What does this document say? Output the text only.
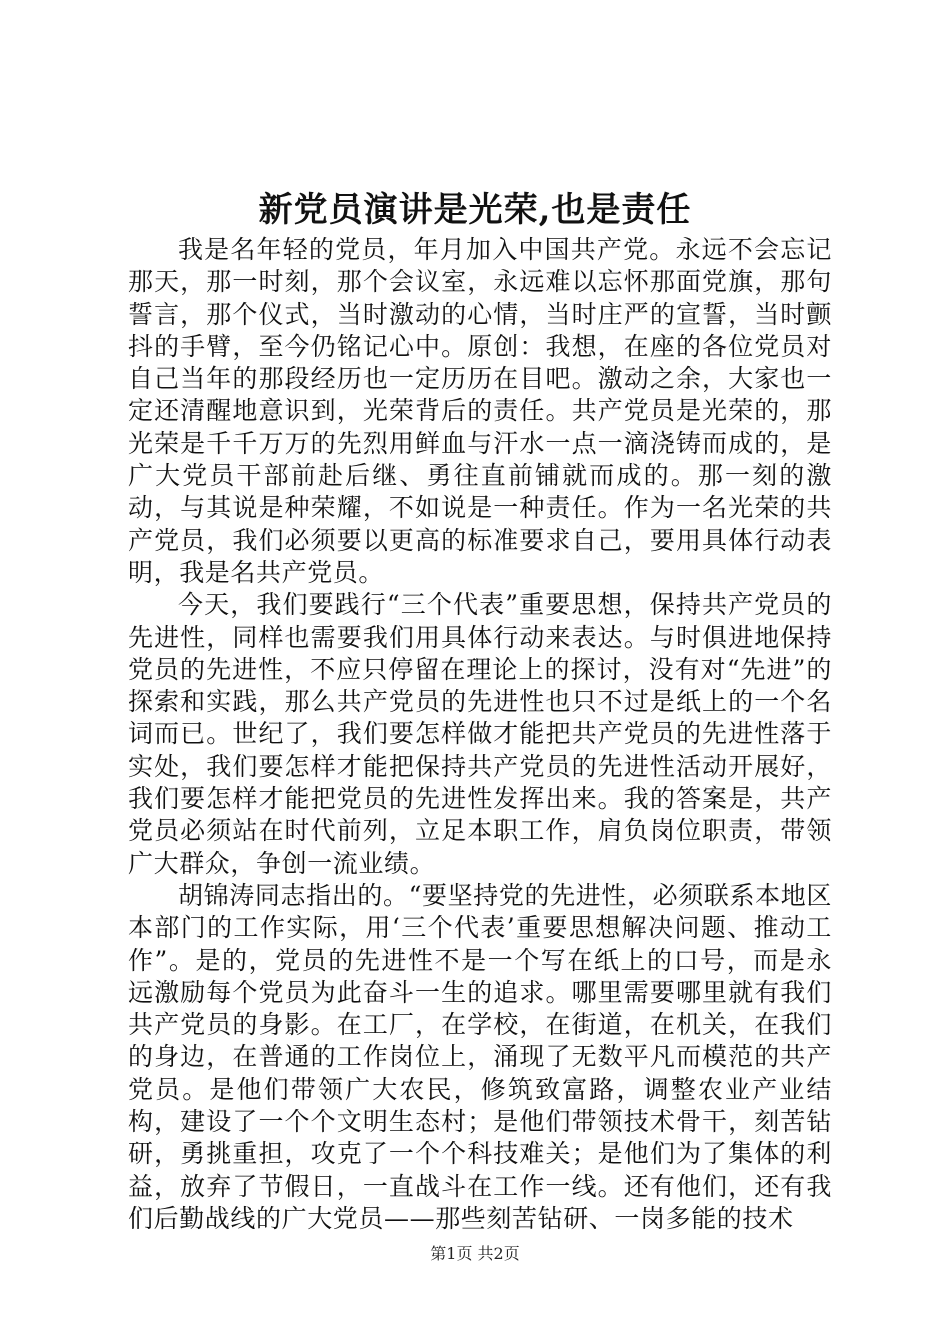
新党员演讲是光荣,也是责任

我是名年轻的党员，年月加入中国共产党。永远不会忘记那天，那一时刻，那个会议室，永远难以忘怀那面党旗，那句誓言，那个仪式，当时激动的心情，当时庄严的宣誓，当时颤抖的手臂，至今仍铭记心中。原创：我想，在座的各位党员对自己当年的那段经历也一定历历在目吧。激动之余，大家也一定还清醒地意识到，光荣背后的责任。共产党员是光荣的，那光荣是千千万万的先烈用鲜血与汗水一点一滴浇铸而成的，是广大党员干部前赴后继、勇往直前铺就而成的。那一刻的激动，与其说是种荣耀，不如说是一种责任。作为一名光荣的共产党员，我们必须要以更高的标准要求自己，要用具体行动表明，我是名共产党员。

今天，我们要践行“三个代表”重要思想，保持共产党员的先进性，同样也需要我们用具体行动来表达。与时俱进地保持党员的先进性，不应只停留在理论上的探讨，没有对“先进”的探索和实践，那么共产党员的先进性也只不过是纸上的一个名词而已。世纪了，我们要怎样做才能把共产党员的先进性落于实处，我们要怎样才能把保持共产党员的先进性活动开展好，我们要怎样才能把党员的先进性发挥出来。我的答案是，共产党员必须站在时代前列，立足本职工作，肩负岗位职责，带领广大群众，争创一流业绩。

胡锦涛同志指出的。“要坚持党的先进性，必须联系本地区本部门的工作实际，用‘三个代表’重要思想解决问题、推动工作”。是的，党员的先进性不是一个写在纸上的口号，而是永远激励每个党员为此奋斗一生的追求。哪里需要哪里就有我们共产党员的身影。在工厂，在学校，在街道，在机关，在我们的身边，在普通的工作岗位上，涌现了无数平凡而模范的共产党员。是他们带领广大农民，修筑致富路，调整农业产业结构，建设了一个个文明生态村；是他们带领技术骨干，刻苦钻研，勇挑重担，攻克了一个个科技难关；是他们为了集体的利益，放弃了节假日，一直战斗在工作一线。还有他们，还有我们后勤战线的广大党员——那些刻苦钻研、一岗多能的技术

第1页 共2页
